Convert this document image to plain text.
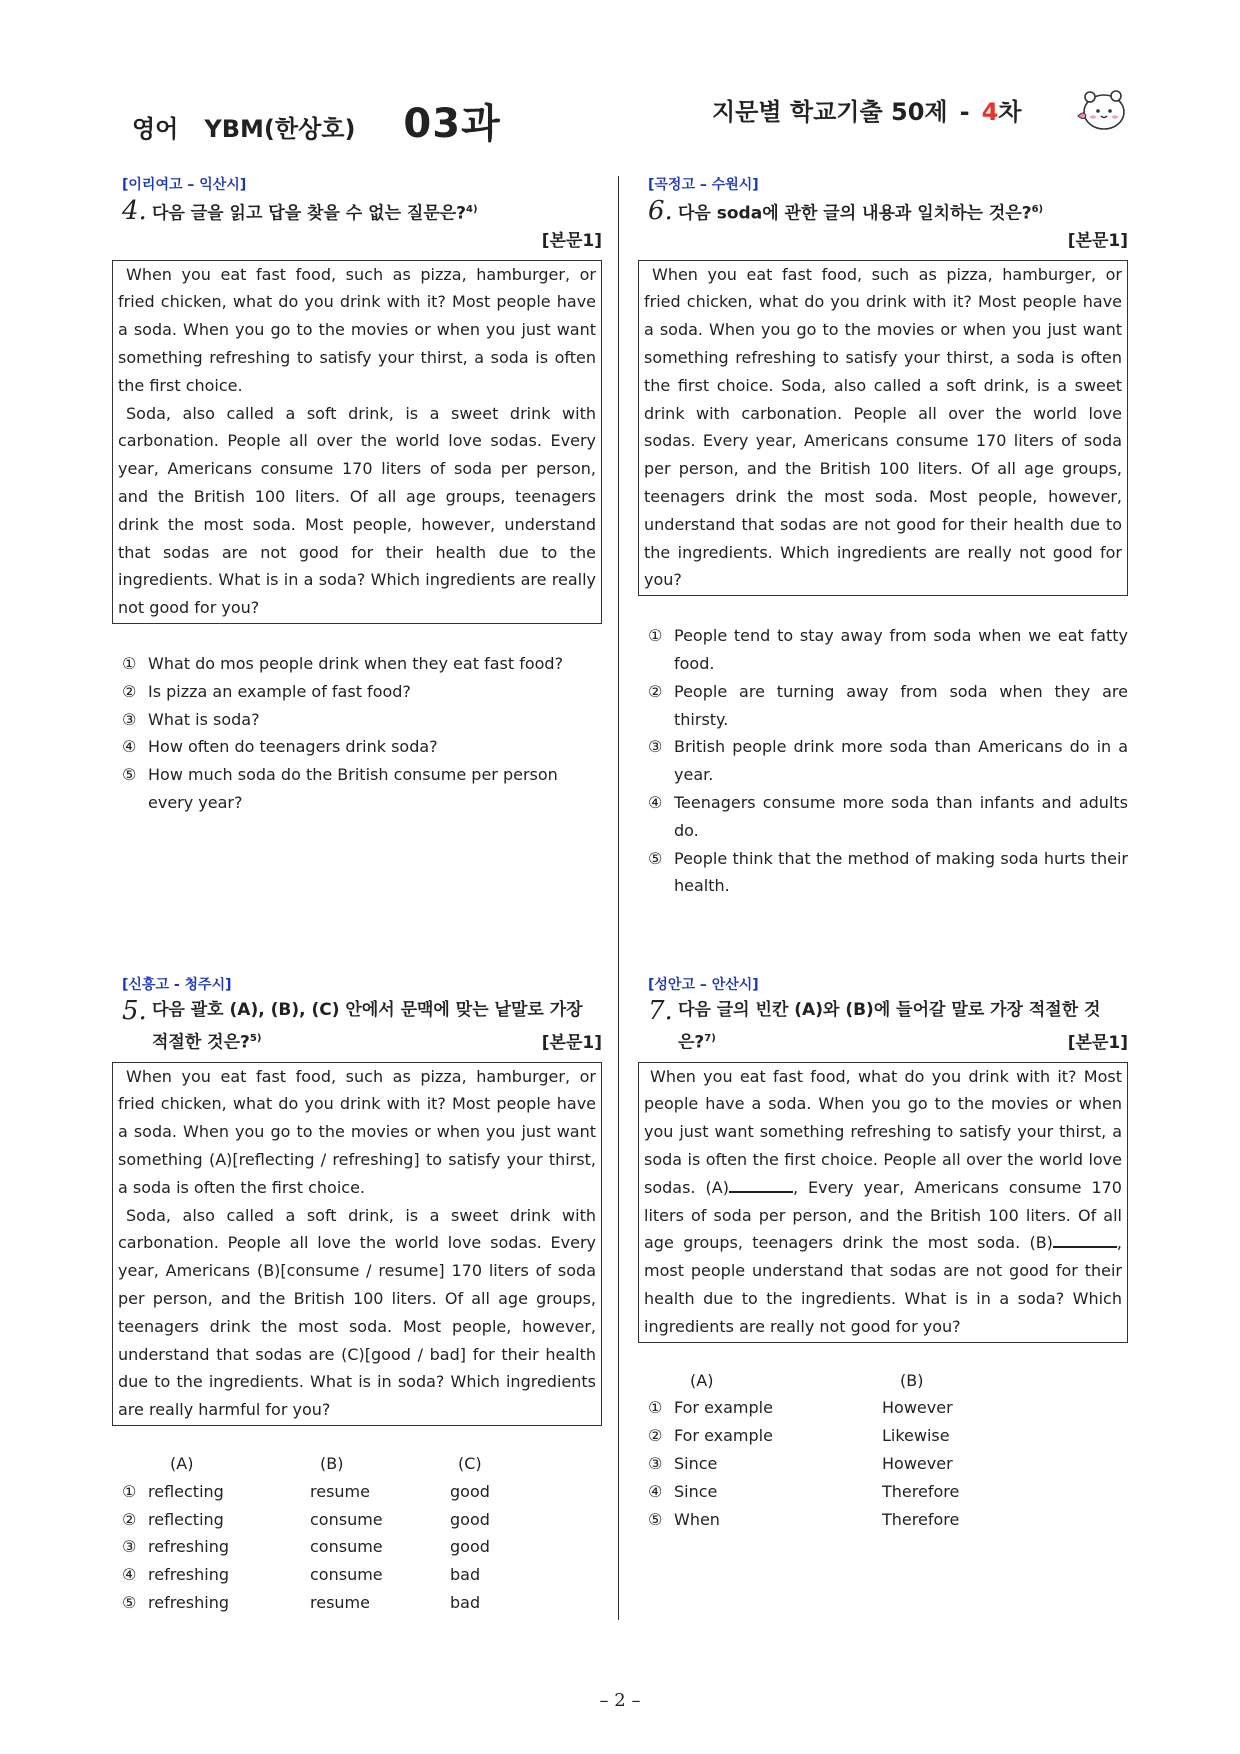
영어 YBM(한상호) 03과	지문별 학교기출 50제 - 4 차
[이리여고 – 익산시]
4. 다음 글을 읽고 답을 찾을 수 없는 질문은?$^{4)}$
[본문1]

When you eat fast food, such as pizza, hamburger, or fried chicken, what do you drink with it? Most people have a soda. When you go to the movies or when you just want something refreshing to satisfy your thirst, a soda is often the first choice.

Soda, also called a soft drink, is a sweet drink with carbonation. People all over the world love sodas. Every year, Americans consume 170 liters of soda per person, and the British 100 liters. Of all age groups, teenagers drink the most soda. Most people, however, understand that sodas are not good for their health due to the ingredients. What is in a soda? Which ingredients are really not good for you?

① What do mos people drink when they eat fast food?
② Is pizza an example of fast food?
③ What is soda?
④ How often do teenagers drink soda?
⑤ How much soda do the British consume per person every year?
[신흥고 - 청주시]
5. 다음 괄호 (A), (B), (C) 안에서 문맥에 맞는 낱말로 가장
적절한 것은?$^{5)}$	[본문1]

When you eat fast food, such as pizza, hamburger, or fried chicken, what do you drink with it? Most people have a soda. When you go to the movies or when you just want something (A)[reflecting / refreshing] to satisfy your thirst, a soda is often the first choice.

Soda, also called a soft drink, is a sweet drink with carbonation. People all love the world love sodas. Every year, Americans (B)[consume / resume] 170 liters of soda per person, and the British 100 liters. Of all age groups, teenagers drink the most soda. Most people, however, understand that sodas are (C)[good / bad] for their health due to the ingredients. What is in soda? Which ingredients are really harmful for you?

(A)	(B)	(C)
① reflecting	resume	good
② reflecting	consume	good
③ refreshing	consume	good
④ refreshing	consume	bad
⑤ refreshing	resume	bad
[곡정고 – 수원시]
6. 다음 soda에 관한 글의 내용과 일치하는 것은?$^{6)}$
[본문1]

When you eat fast food, such as pizza, hamburger, or fried chicken, what do you drink with it? Most people have a soda. When you go to the movies or when you just want something refreshing to satisfy your thirst, a soda is often the first choice. Soda, also called a soft drink, is a sweet drink with carbonation. People all over the world love sodas. Every year, Americans consume 170 liters of soda per person, and the British 100 liters. Of all age groups, teenagers drink the most soda. Most people, however, understand that sodas are not good for their health due to the ingredients. Which ingredients are really not good for you?

① People tend to stay away from soda when we eat fatty food.
② People are turning away from soda when they are thirsty.
③ British people drink more soda than Americans do in a year.
④ Teenagers consume more soda than infants and adults do.
⑤ People think that the method of making soda hurts their health.
[성안고 – 안산시]
7. 다음 글의 빈칸 (A)와 (B)에 들어갈 말로 가장 적절한 것
은?$^{7)}$	[본문1]

When you eat fast food, what do you drink with it? Most people have a soda. When you go to the movies or when you just want something refreshing to satisfy your thirst, a soda is often the first choice. People all over the world love sodas. (A)	, Every year, Americans consume 170 liters of soda per person, and the British 100 liters. Of all age groups, teenagers drink the most soda. (B)	, most people understand that sodas are not good for their health due to the ingredients. What is in a soda? Which ingredients are really not good for you?

(A)	(B)
① For example	However
② For example	Likewise
③ Since	However
④ Since	Therefore
⑤ When	Therefore
– 2 –
